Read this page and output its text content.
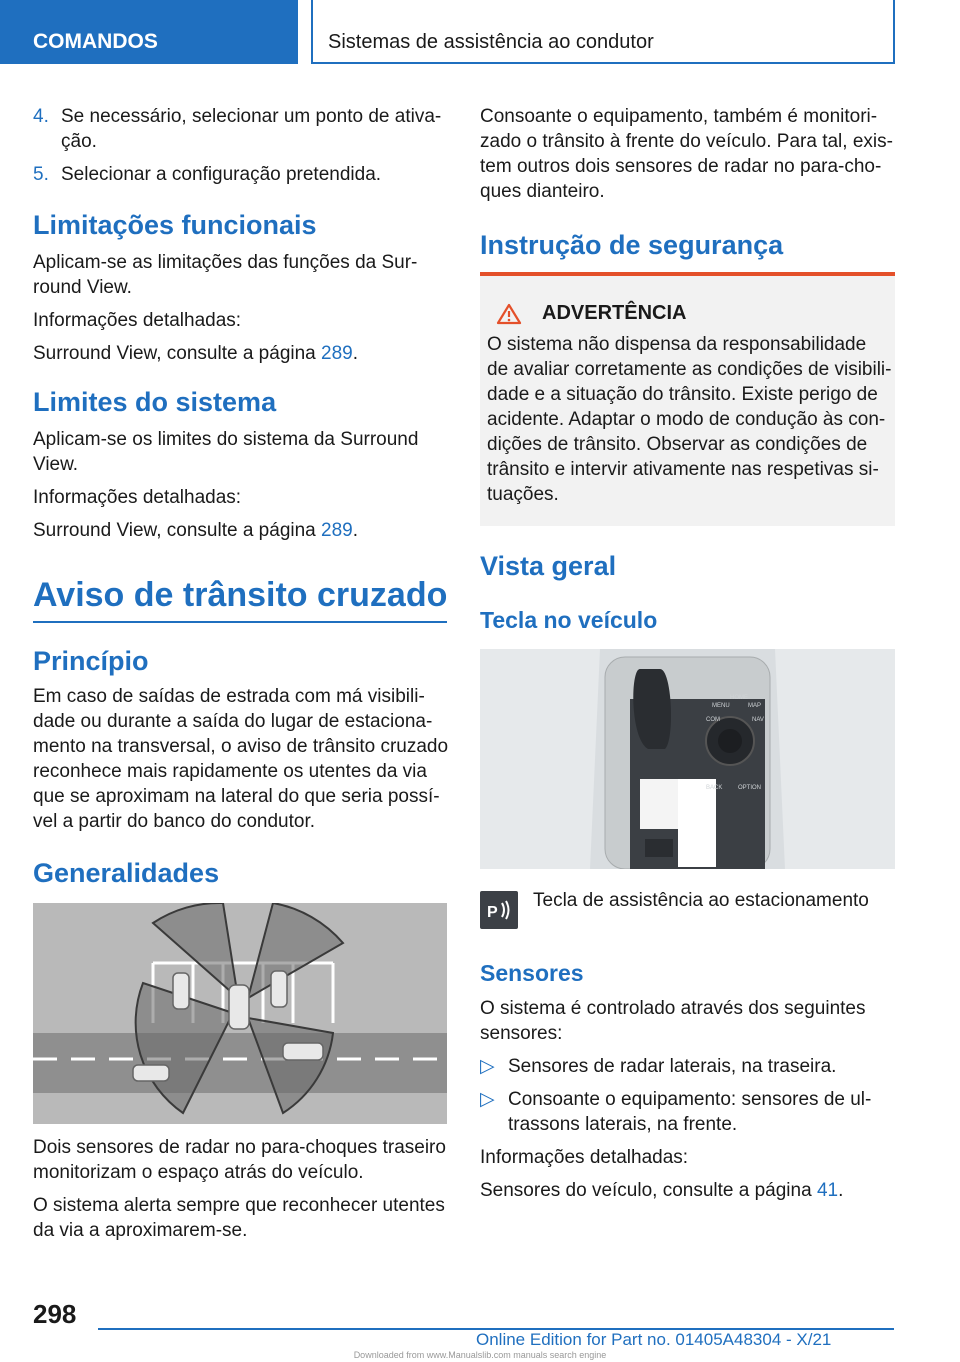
COMANDOS	Sistemas de assistência ao condutor

4. Se necessário, selecionar um ponto de ativa-

ção.

5. Selecionar a configuração pretendida.

Limitações funcionais

Aplicam-se as limitações das funções da Sur-

round View.

Informações detalhadas:

Surround View, consulte a página 289.

Limites do sistema

Aplicam-se os limites do sistema da Surround

View.

Informações detalhadas:

Surround View, consulte a página 289.

Aviso de trânsito cruzado
Princípio

Em caso de saídas de estrada com má visibili-

dade ou durante a saída do lugar de estaciona-

mento na transversal, o aviso de trânsito cruzado

reconhece mais rapidamente os utentes da via

que se aproximam na lateral do que seria possí-

vel a partir do banco do condutor.

Generalidades

Dois sensores de radar no para-choques traseiro

monitorizam o espaço atrás do veículo.

O sistema alerta sempre que reconhecer utentes

da via a aproximarem-se.

Consoante o equipamento, também é monitori-

zado o trânsito à frente do veículo. Para tal, exis-

tem outros dois sensores de radar no para-cho-

ques dianteiro.

Instrução de segurança
ADVERTÊNCIA

O sistema não dispensa da responsabilidade

de avaliar corretamente as condições de visibili-

dade e a situação do trânsito. Existe perigo de

acidente. Adaptar o modo de condução às con-

dições de trânsito. Observar as condições de

trânsito e intervir ativamente nas respetivas si-

tuações.

Vista geral
Tecla no veículo
MENU	MAP
HOME
COM	NAV
BACK	OPTION
P
Tecla de assistência ao estacionamento
Sensores

O sistema é controlado através dos seguintes

sensores:

▷ Sensores de radar laterais, na traseira.

▷ Consoante o equipamento: sensores de ul-

trassons laterais, na frente.

Informações detalhadas:

Sensores do veículo, consulte a página 41.

298
Online Edition for Part no. 01405A48304 - X/21
Downloaded from www.Manualslib.com manuals search engine
